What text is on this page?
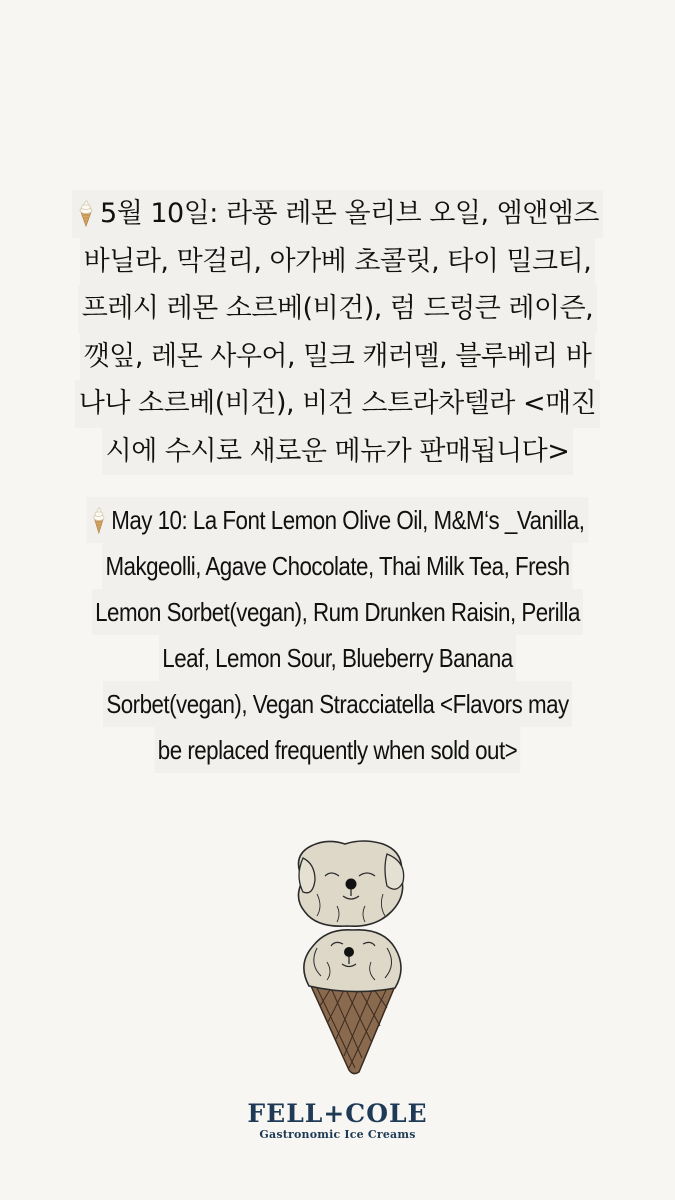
5월 10일: 라퐁 레몬 올리브 오일, 엠앤엠즈
바닐라, 막걸리, 아가베 초콜릿, 타이 밀크티,
프레시 레몬 소르베(비건), 럼 드렁큰 레이즌,
깻잎, 레몬 사우어, 밀크 캐러멜, 블루베리 바
나나 소르베(비건), 비건 스트라차텔라 <매진
시에 수시로 새로운 메뉴가 판매됩니다>
May 10: La Font Lemon Olive Oil, M&M‘s _Vanilla,
Makgeolli, Agave Chocolate, Thai Milk Tea, Fresh
Lemon Sorbet(vegan), Rum Drunken Raisin, Perilla
Leaf, Lemon Sour, Blueberry Banana
Sorbet(vegan), Vegan Stracciatella <Flavors may
be replaced frequently when sold out>
FELL+COLE
Gastronomic Ice Creams
